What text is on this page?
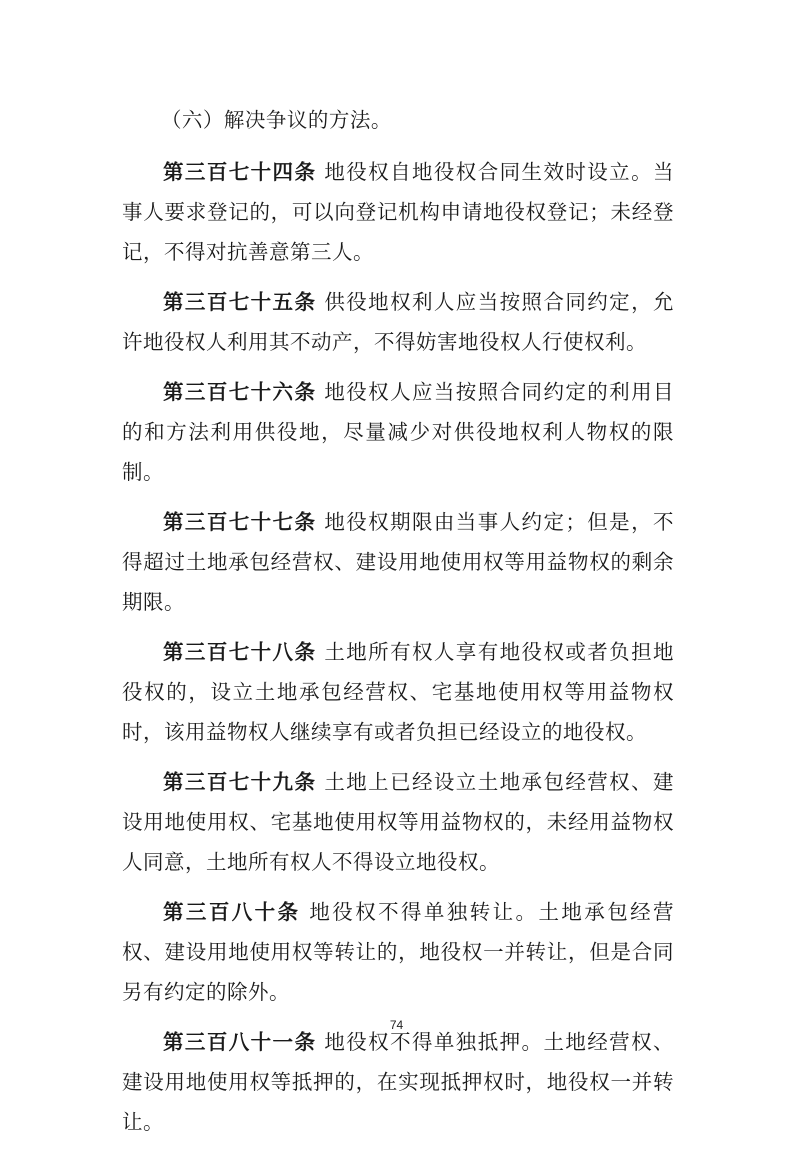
（六）解决争议的方法。

第三百七十四条 地役权自地役权合同生效时设立。当事人要求登记的，可以向登记机构申请地役权登记；未经登记，不得对抗善意第三人。

第三百七十五条 供役地权利人应当按照合同约定，允许地役权人利用其不动产，不得妨害地役权人行使权利。

第三百七十六条 地役权人应当按照合同约定的利用目的和方法利用供役地，尽量减少对供役地权利人物权的限制。

第三百七十七条 地役权期限由当事人约定；但是，不得超过土地承包经营权、建设用地使用权等用益物权的剩余期限。

第三百七十八条 土地所有权人享有地役权或者负担地役权的，设立土地承包经营权、宅基地使用权等用益物权时，该用益物权人继续享有或者负担已经设立的地役权。

第三百七十九条 土地上已经设立土地承包经营权、建设用地使用权、宅基地使用权等用益物权的，未经用益物权人同意，土地所有权人不得设立地役权。

第三百八十条 地役权不得单独转让。土地承包经营权、建设用地使用权等转让的，地役权一并转让，但是合同另有约定的除外。

第三百八十一条 地役权不得单独抵押。土地经营权、建设用地使用权等抵押的，在实现抵押权时，地役权一并转让。

74
